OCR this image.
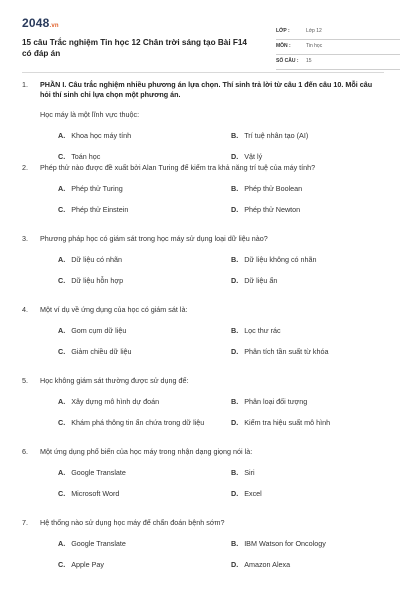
2048.vn
15 câu Trắc nghiệm Tin học 12 Chân trời sáng tạo Bài F14 có đáp án
LỚP :	Lớp 12
MÔN :	Tin học
SỐ CÂU : 15
1. PHẦN I. Câu trắc nghiệm nhiều phương án lựa chọn. Thí sinh trả lời từ câu 1 đến câu 10. Mỗi câu hỏi thí sinh chỉ lựa chọn một phương án.
Học máy là một lĩnh vực thuộc:
A. Khoa học máy tính	B. Trí tuệ nhân tạo (AI)
C. Toán học	D. Vật lý
2. Phép thử nào được đề xuất bởi Alan Turing để kiểm tra khả năng trí tuệ của máy tính?
A. Phép thử Turing	B. Phép thử Boolean
C. Phép thử Einstein	D. Phép thử Newton
3. Phương pháp học có giám sát trong học máy sử dụng loại dữ liệu nào?
A. Dữ liệu có nhãn	B. Dữ liệu không có nhãn
C. Dữ liệu hỗn hợp	D. Dữ liệu ẩn
4. Một ví dụ về ứng dụng của học có giám sát là:
A. Gom cụm dữ liệu	B. Lọc thư rác
C. Giảm chiều dữ liệu	D. Phân tích tần suất từ khóa
5. Học không giám sát thường được sử dụng để:
A. Xây dựng mô hình dự đoán	B. Phân loại đối tượng
C. Khám phá thông tin ẩn chứa trong dữ liệu	D. Kiểm tra hiệu suất mô hình
6. Một ứng dụng phổ biến của học máy trong nhận dạng giọng nói là:
A. Google Translate	B. Siri
C. Microsoft Word	D. Excel
7. Hệ thống nào sử dụng học máy để chẩn đoán bệnh sớm?
A. Google Translate	B. IBM Watson for Oncology
C. Apple Pay	D. Amazon Alexa
